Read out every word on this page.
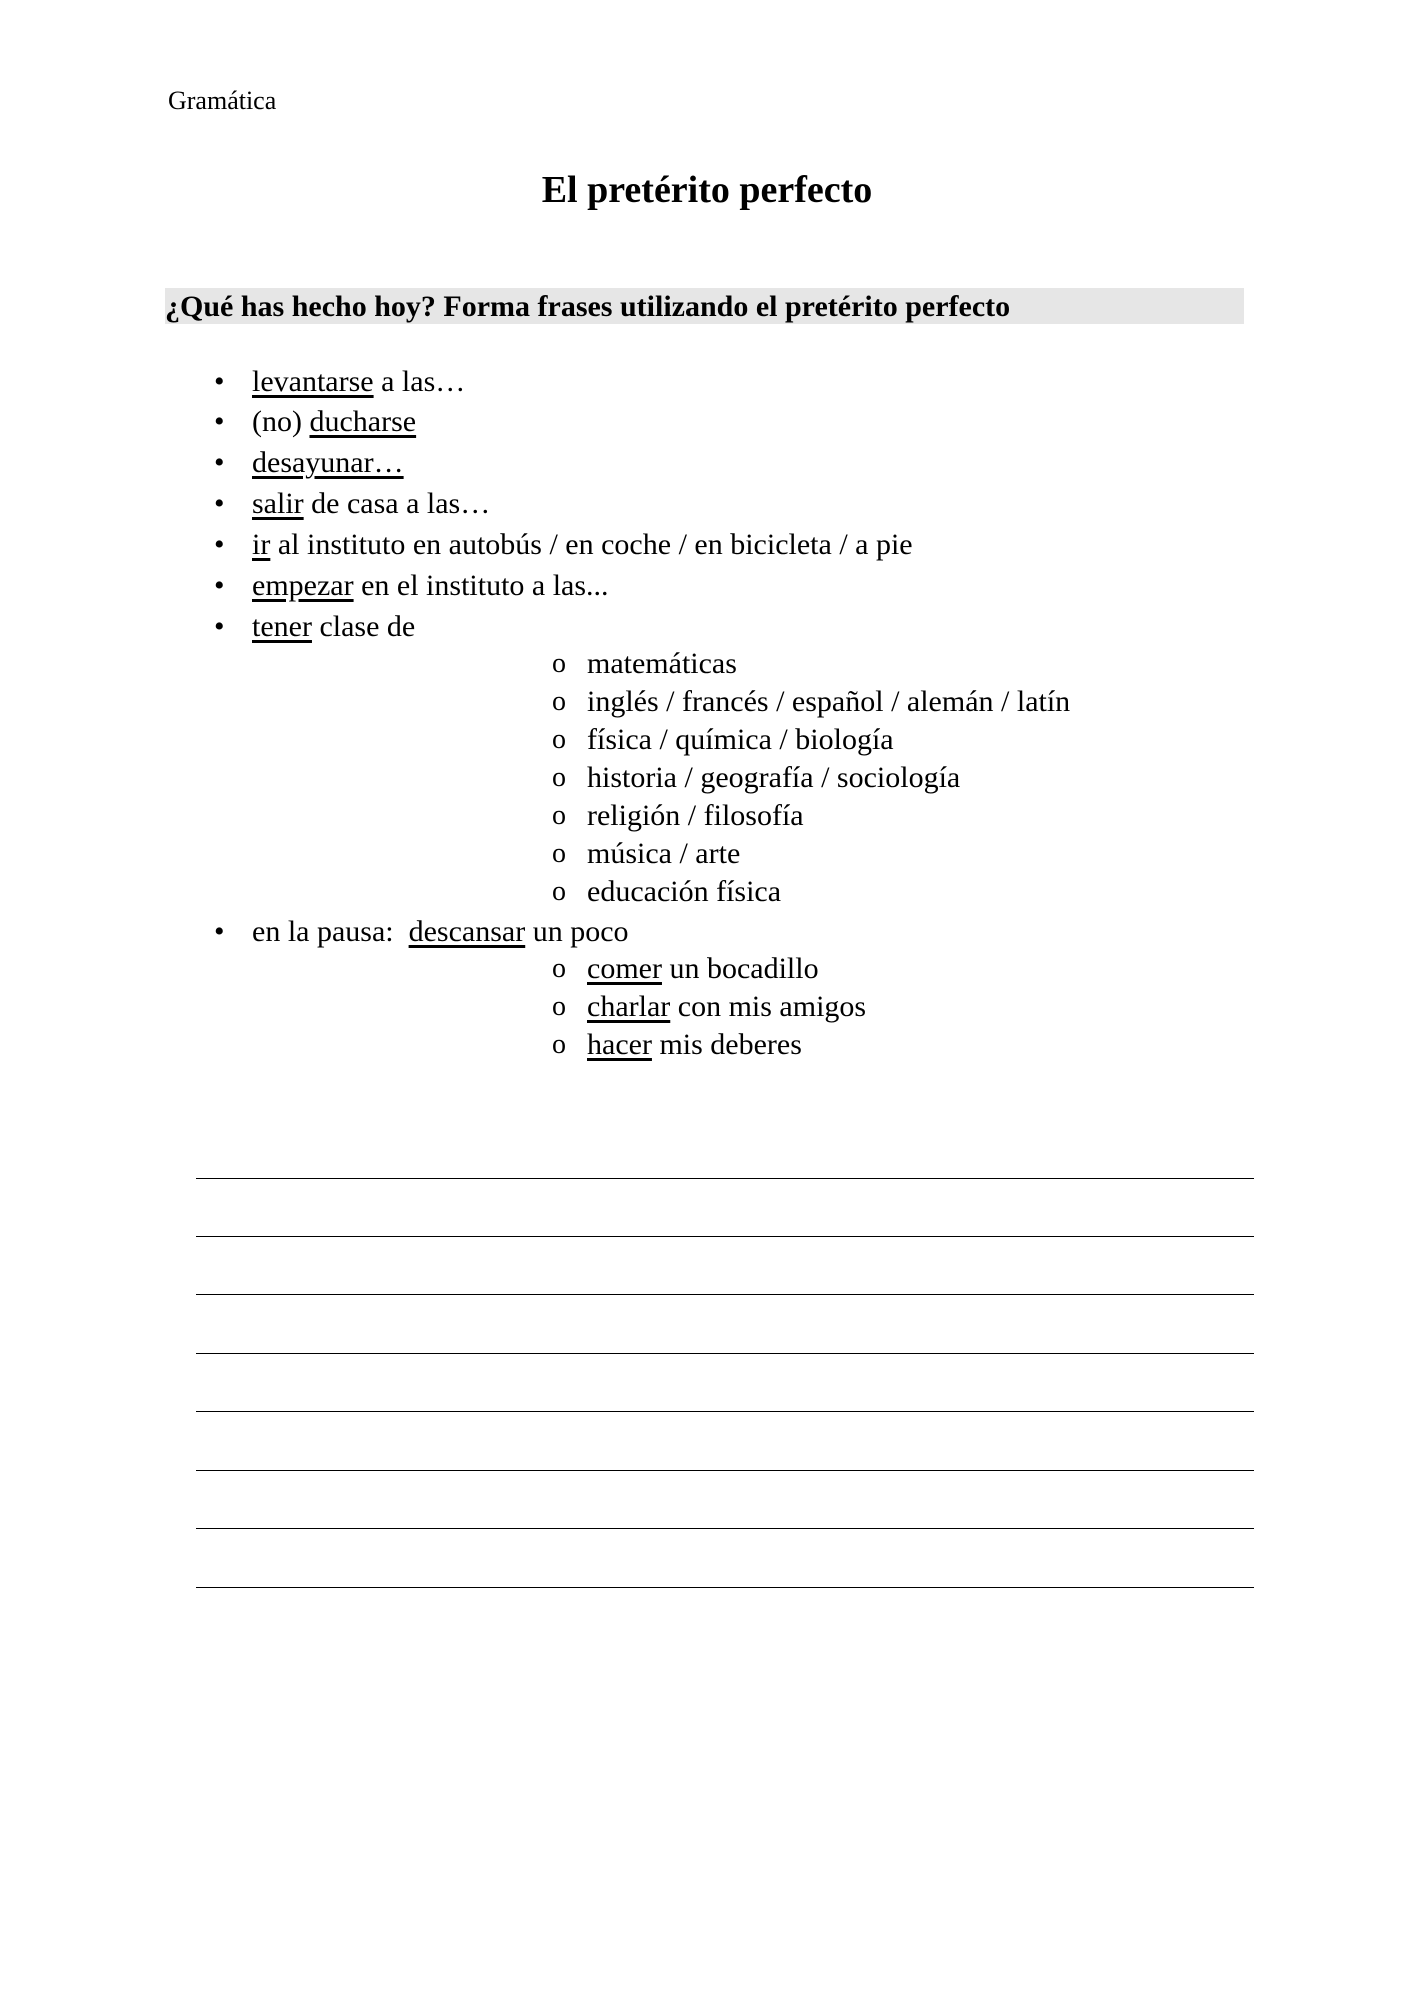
Gramática
El pretérito perfecto
¿Qué has hecho hoy? Forma frases utilizando el pretérito perfecto
• levantarse a las…
• (no) ducharse
• desayunar…
• salir de casa a las…
• ir al instituto en autobús / en coche / en bicicleta / a pie
• empezar en el instituto a las...
• tener clase de
o matemáticas
o inglés / francés / español / alemán / latín
o física / química / biología
o historia / geografía / sociología
o religión / filosofía
o música / arte
o educación física
• en la pausa:  descansar un poco
o comer un bocadillo
o charlar con mis amigos
o hacer mis deberes
